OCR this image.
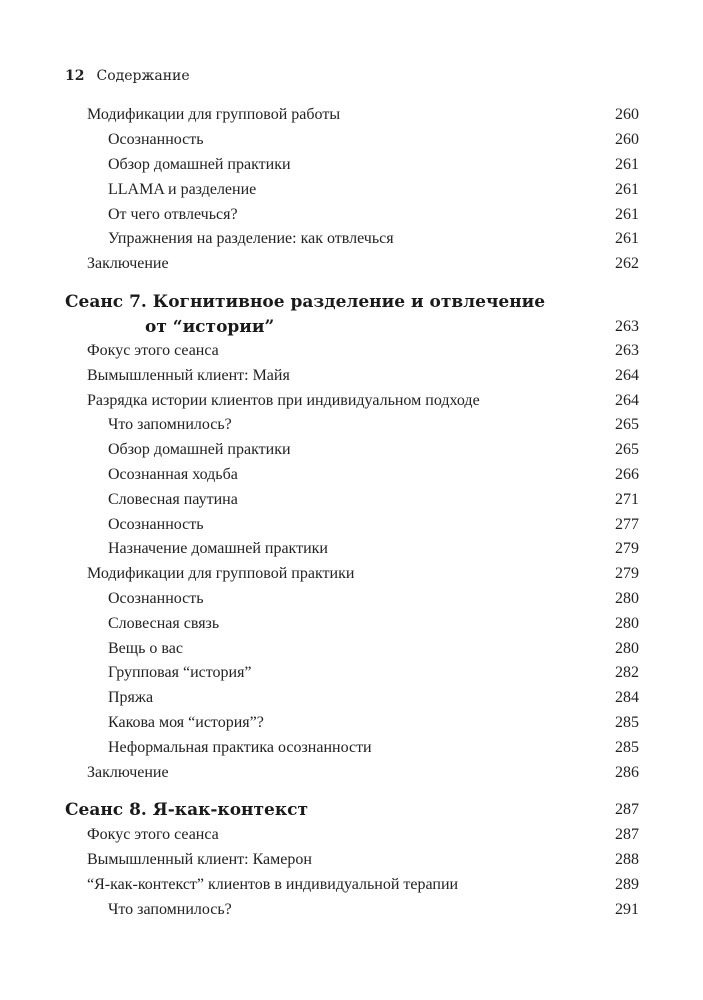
12 Содержание
Модификации для групповой работы	260
Осознанность	260
Обзор домашней практики	261
LLAMA и разделение	261
От чего отвлечься?	261
Упражнения на разделение: как отвлечься	261
Заключение	262
Сеанс 7. Когнитивное разделение и отвлечение
от “истории”	263
Фокус этого сеанса	263
Вымышленный клиент: Майя	264
Разрядка истории клиентов при индивидуальном подходе	264
Что запомнилось?	265
Обзор домашней практики	265
Осознанная ходьба	266
Словесная паутина	271
Осознанность	277
Назначение домашней практики	279
Модификации для групповой практики	279
Осознанность	280
Словесная связь	280
Вещь о вас	280
Групповая “история”	282
Пряжа	284
Какова моя “история”?	285
Неформальная практика осознанности	285
Заключение	286
Сеанс 8. Я-как-контекст	287
Фокус этого сеанса	287
Вымышленный клиент: Камерон	288
“Я-как-контекст” клиентов в индивидуальной терапии	289
Что запомнилось?	291
